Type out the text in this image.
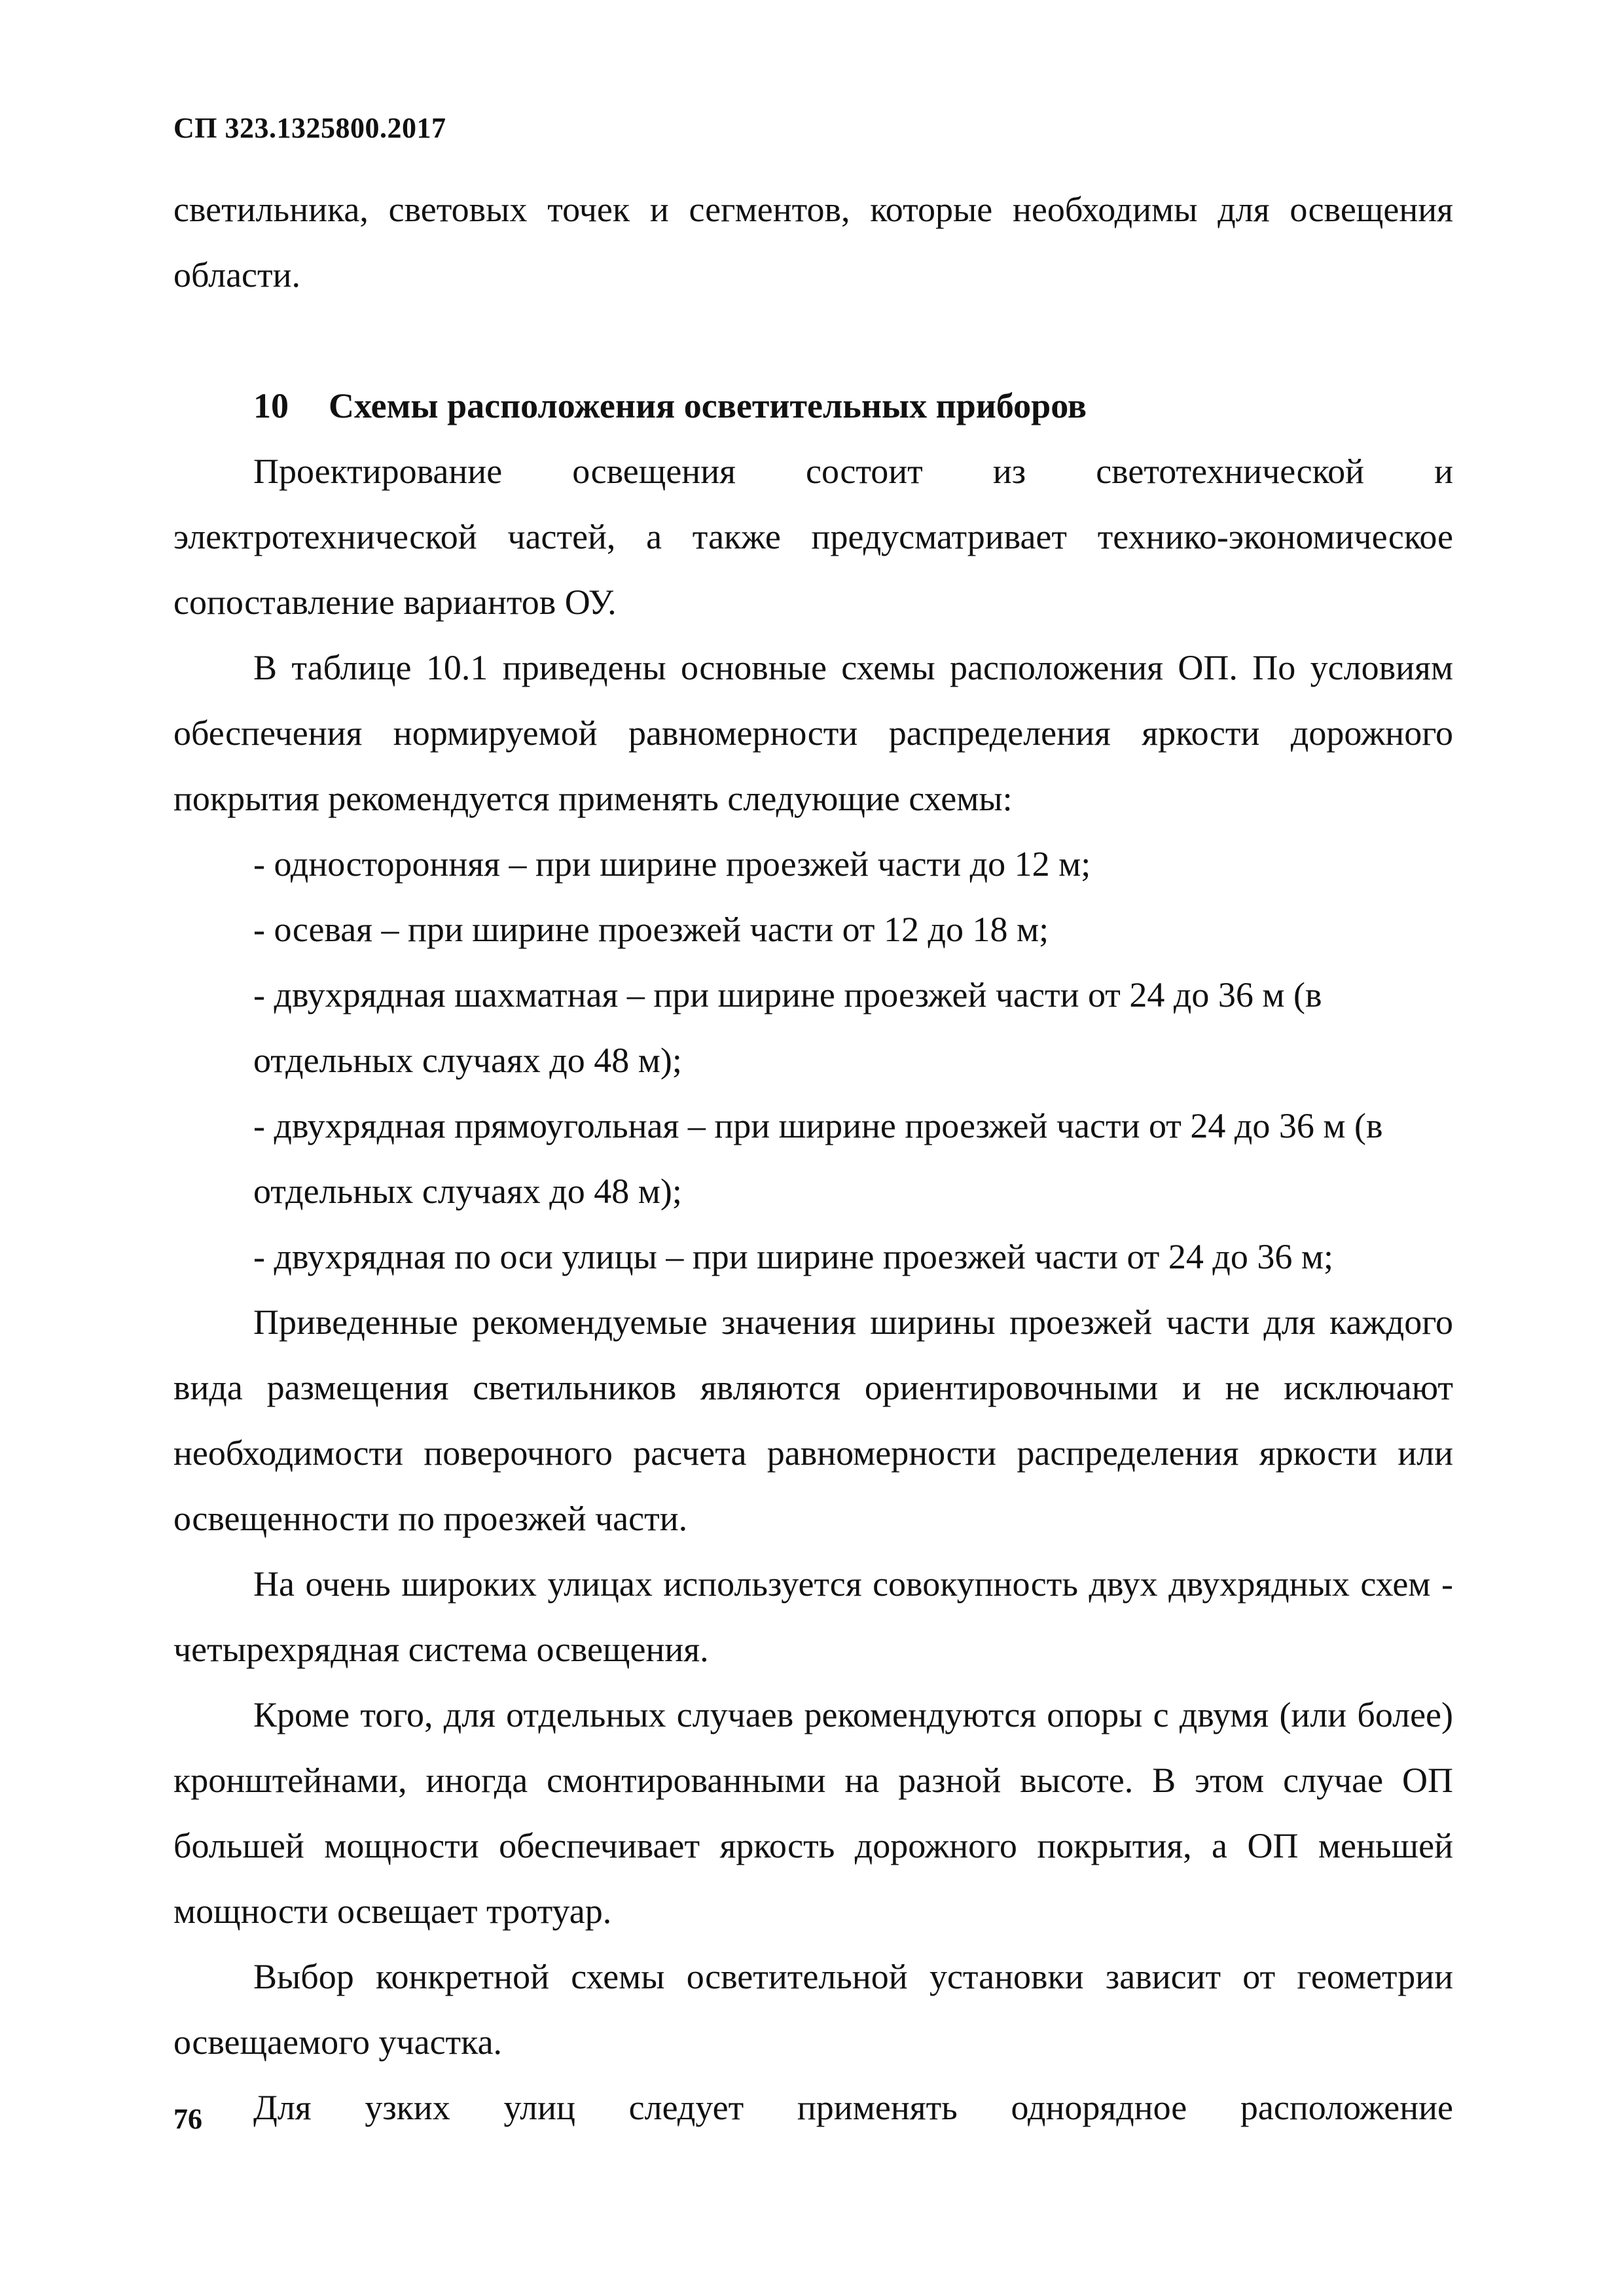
СП 323.1325800.2017

светильника, световых точек и сегментов, которые необходимы для освещения области.

10 Схемы расположения осветительных приборов

Проектирование освещения состоит из светотехнической и электротехнической частей, а также предусматривает технико-экономическое сопоставление вариантов ОУ.

В таблице 10.1 приведены основные схемы расположения ОП. По условиям обеспечения нормируемой равномерности распределения яркости дорожного покрытия рекомендуется применять следующие схемы:

- односторонняя – при ширине проезжей части до 12 м;

- осевая – при ширине проезжей части от 12 до 18 м;

- двухрядная шахматная – при ширине проезжей части от 24 до 36 м (в отдельных случаях до 48 м);

- двухрядная прямоугольная – при ширине проезжей части от 24 до 36 м (в отдельных случаях до 48 м);

- двухрядная по оси улицы – при ширине проезжей части от 24 до 36 м;

Приведенные рекомендуемые значения ширины проезжей части для каждого вида размещения светильников являются ориентировочными и не исключают необходимости поверочного расчета равномерности распределения яркости или освещенности по проезжей части.

На очень широких улицах используется совокупность двух двухрядных схем - четырехрядная система освещения.

Кроме того, для отдельных случаев рекомендуются опоры с двумя (или более) кронштейнами, иногда смонтированными на разной высоте. В этом случае ОП большей мощности обеспечивает яркость дорожного покрытия, а ОП меньшей мощности освещает тротуар.

Выбор конкретной схемы осветительной установки зависит от геометрии освещаемого участка.

Для узких улиц следует применять однорядное расположение

76
